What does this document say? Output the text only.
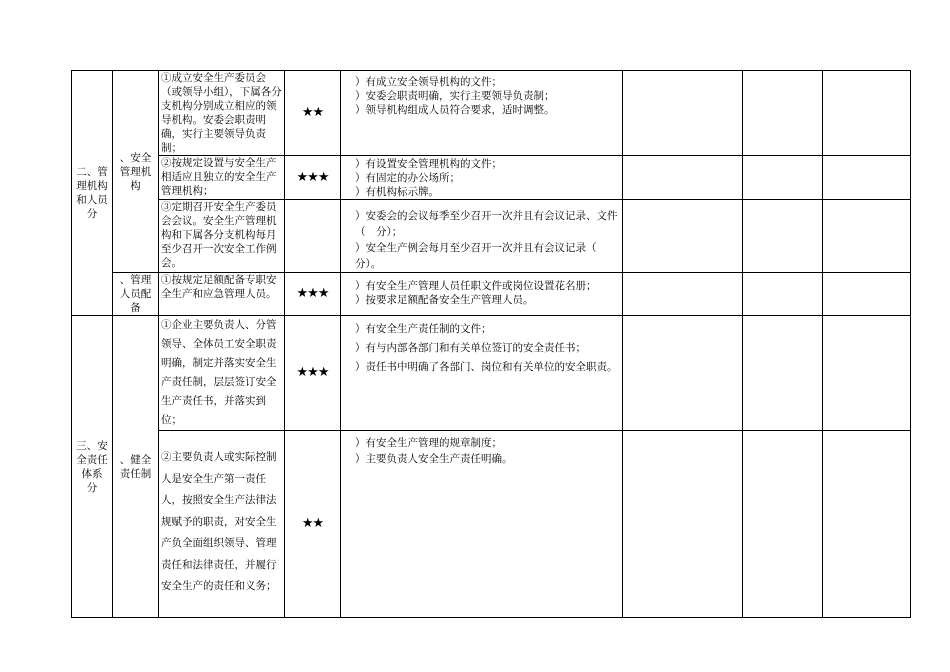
二、管理机构和人员　　分	、安全管理机构	①成立安全生产委员会（或领导小组），下属各分支机构分别成立相应的领导机构。安委会职责明确，实行主要领导负责制；	★★	）有成立安全领导机构的文件；
）安委会职责明确，实行主要领导负责制；
）领导机构组成人员符合要求，适时调整。			

		②按规定设置与安全生产相适应且独立的安全生产管理机构；	★★★	）有设置安全管理机构的文件；
）有固定的办公场所；
）有机构标示牌。			

		③定期召开安全生产委员会会议。安全生产管理机构和下属各分支机构每月至少召开一次安全工作例会。		）安委会的会议每季至少召开一次并且有会议记录、文件（　分）；
）安全生产例会每月至少召开一次并且有会议记录（　分）。			

	、管理人员配备	①按规定足额配备专职安全生产和应急管理人员。	★★★	）有安全生产管理人员任职文件或岗位设置花名册；
）按要求足额配备安全生产管理人员。			

三、安全责任体系　　分	、健全责任制	①企业主要负责人、分管领导、全体员工安全职责明确，制定并落实安全生产责任制，层层签订安全生产责任书，并落实到位；	★★★	）有安全生产责任制的文件；
）有与内部各部门和有关单位签订的安全责任书；
）责任书中明确了各部门、岗位和有关单位的安全职责。			

		②主要负责人或实际控制人是安全生产第一责任人，按照安全生产法律法规赋予的职责，对安全生产负全面组织领导、管理责任和法律责任，并履行安全生产的责任和义务；	★★	）有安全生产管理的规章制度；
）主要负责人安全生产责任明确。			
